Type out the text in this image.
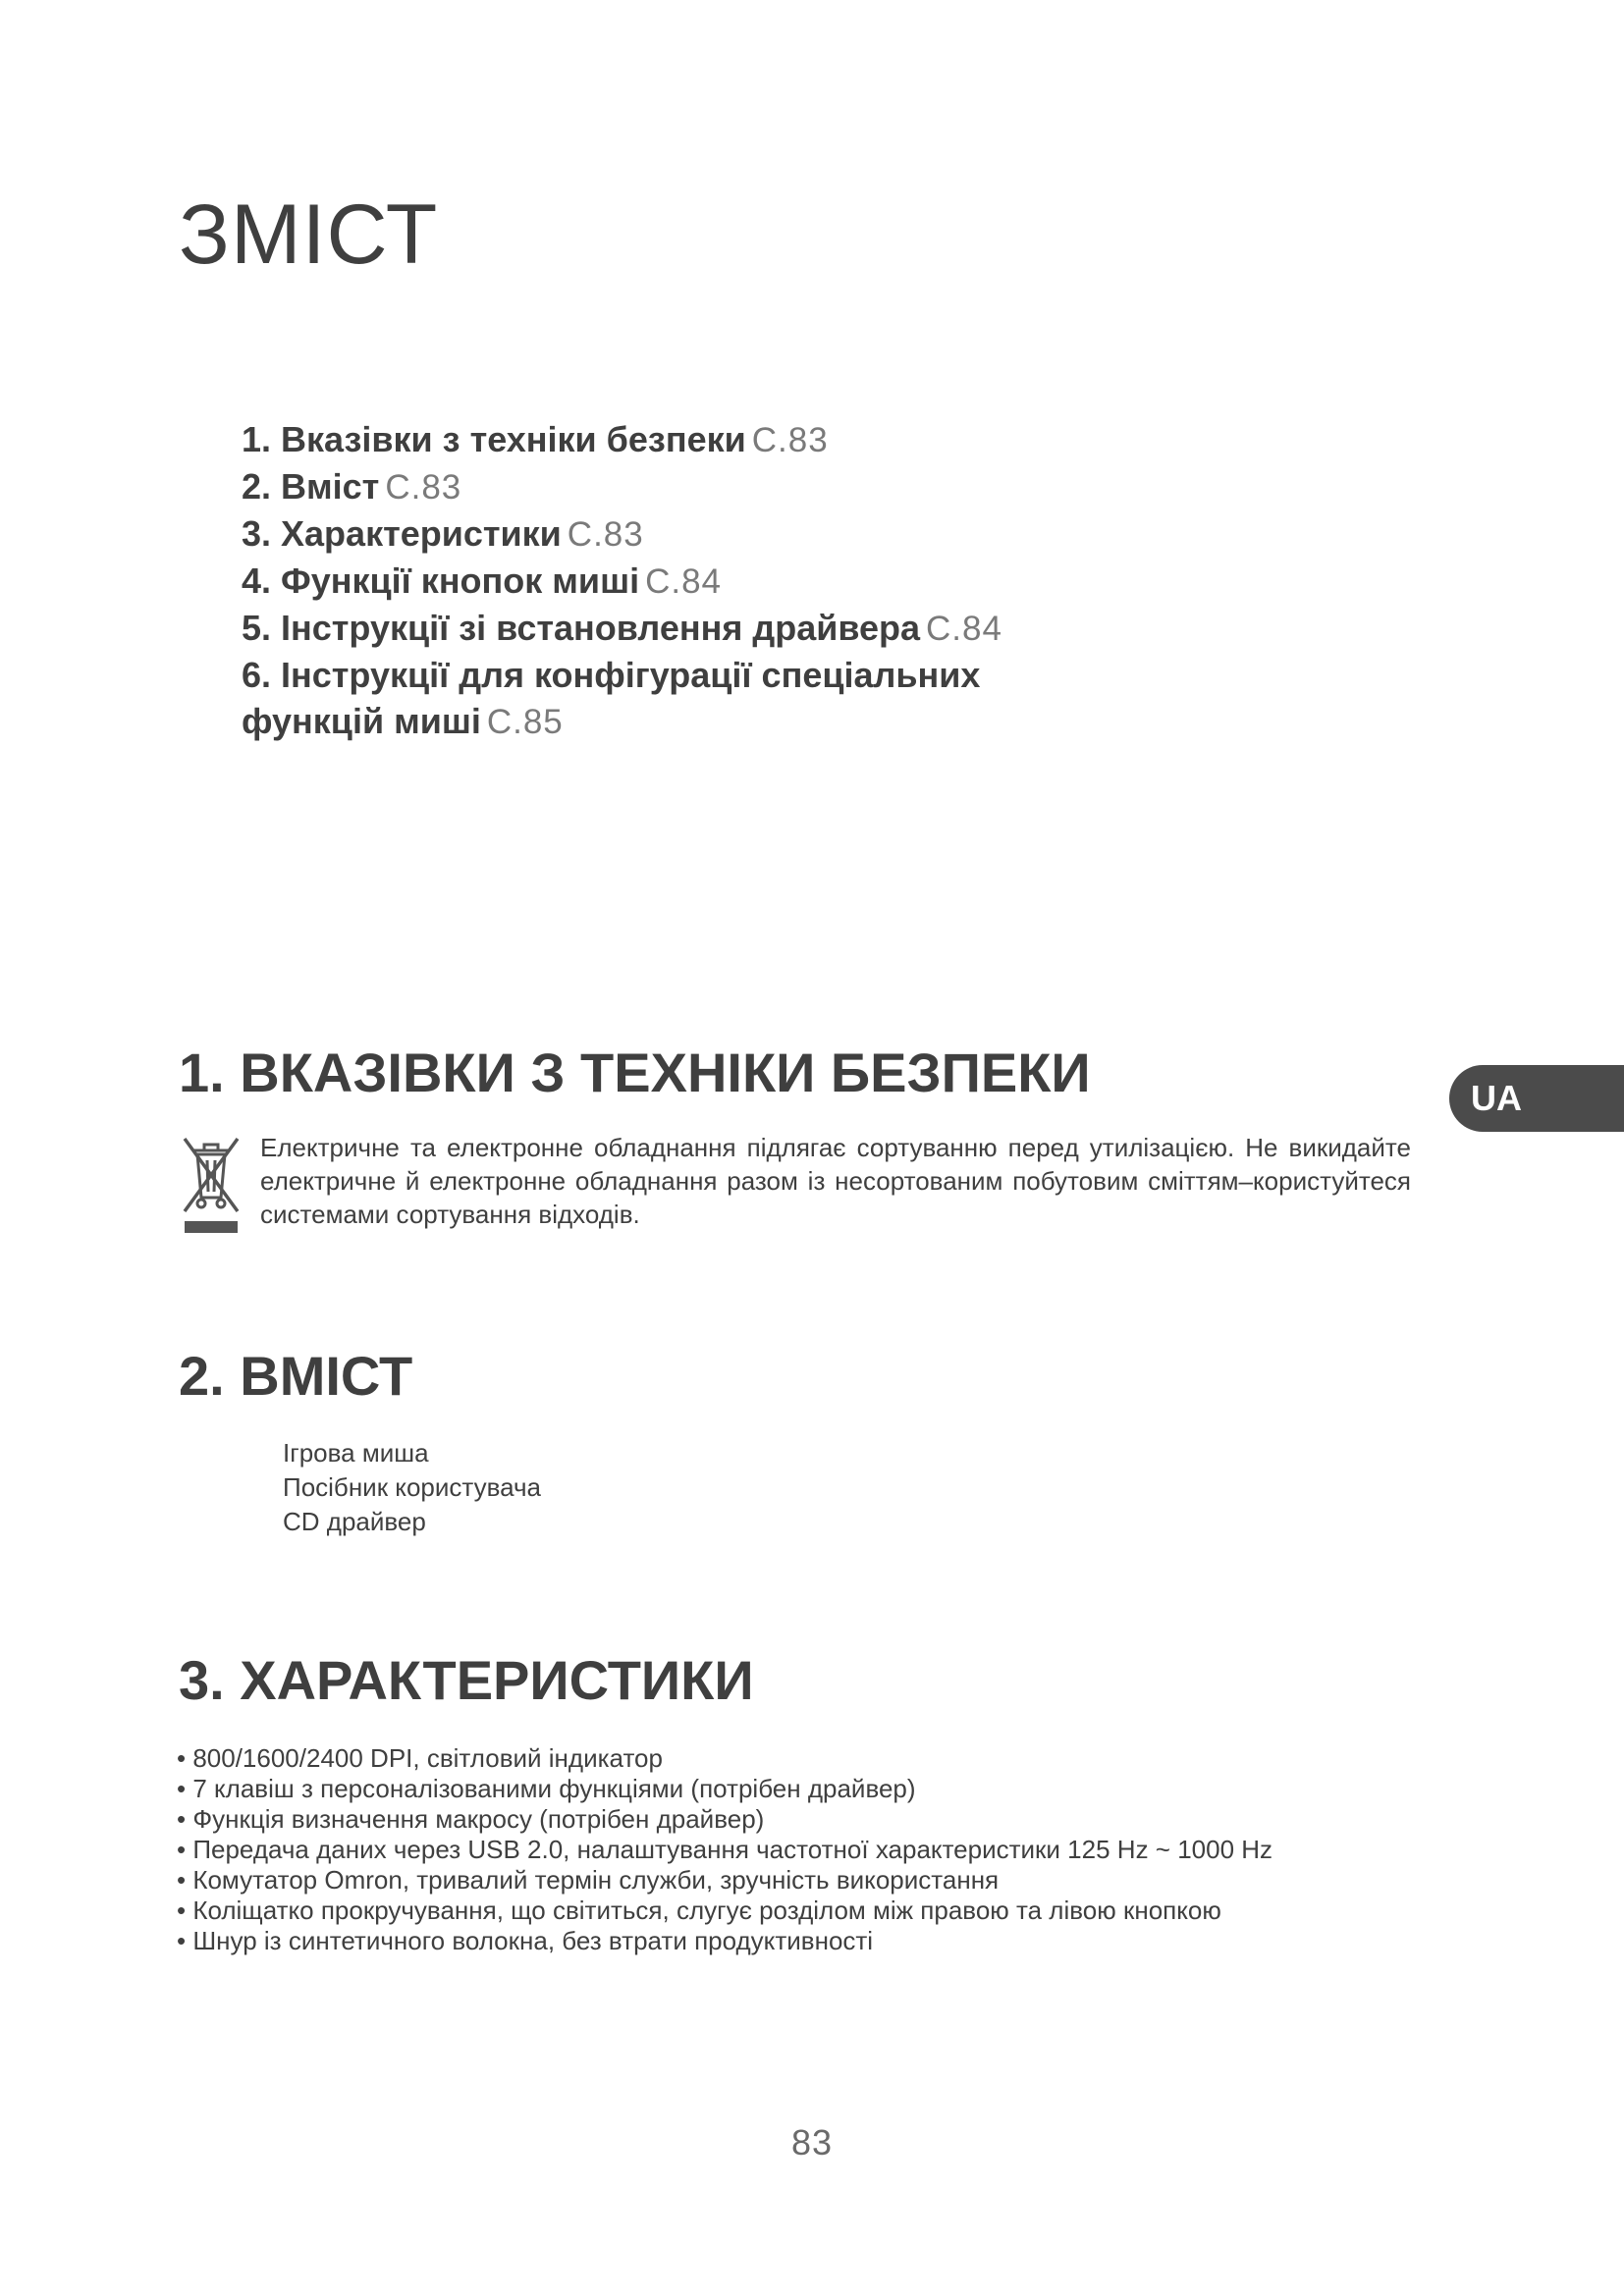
ЗМІСТ
1. Вказівки з техніки безпеки С.83
2. Вміст С.83
3. Характеристики С.83
4. Функції кнопок миші С.84
5. Інструкції зі встановлення драйвера С.84
6. Інструкції для конфігурації спеціальних
функцій миші С.85
1. ВКАЗІВКИ З ТЕХНІКИ БЕЗПЕКИ	UA
Електричне та електронне обладнання підлягає сортуванню перед утилізацією. Не викидайте електричне й електронне обладнання разом із несортованим побутовим сміттям–користуйтеся системами сортування відходів.
2. ВМІСТ
Ігрова миша
Посібник користувача
CD драйвер
3. ХАРАКТЕРИСТИКИ
• 800/1600/2400 DPI, світловий індикатор
• 7 клавіш з персоналізованими функціями (потрібен драйвер)
• Функція визначення макросу (потрібен драйвер)
• Передача даних через USB 2.0, налаштування частотної характеристики 125 Hz ~ 1000 Hz
• Комутатор Omron, тривалий термін служби, зручність використання
• Коліщатко прокручування, що світиться, слугує розділом між правою та лівою кнопкою
• Шнур із синтетичного волокна, без втрати продуктивності
83
